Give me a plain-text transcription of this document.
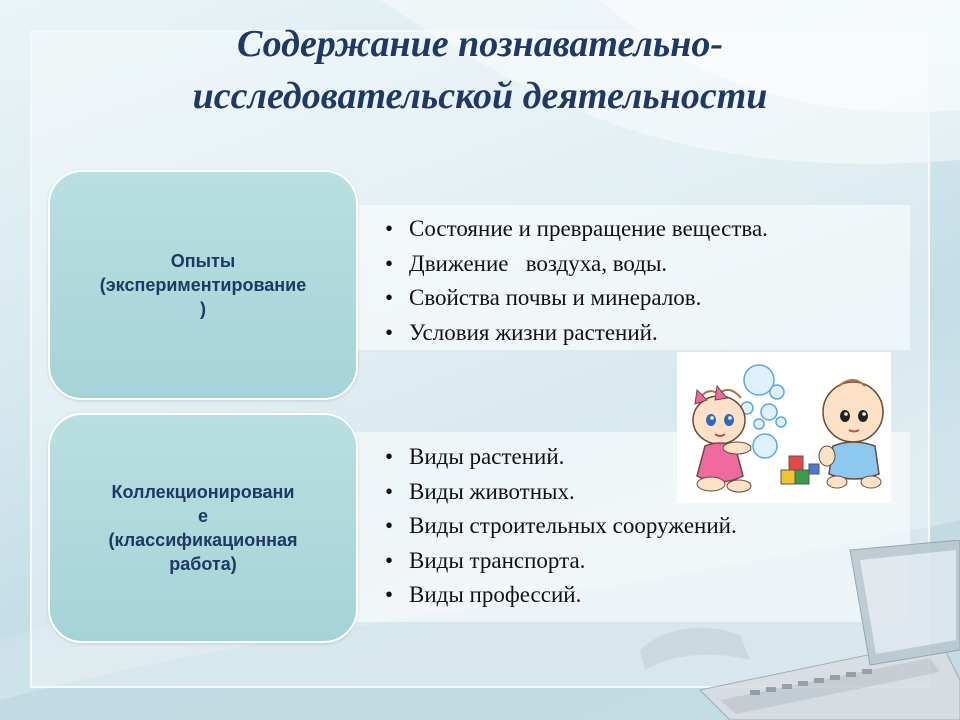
Содержание познавательно-
исследовательской деятельности
Опыты
(экспериментирование
)
• Состояние и превращение вещества.
• Движение   воздуха, воды.
• Свойства почвы и минералов.
• Условия жизни растений.
Коллекционировани
е
(классификационная
работа)
• Виды растений.
• Виды животных.
• Виды строительных сооружений.
• Виды транспорта.
• Виды профессий.
